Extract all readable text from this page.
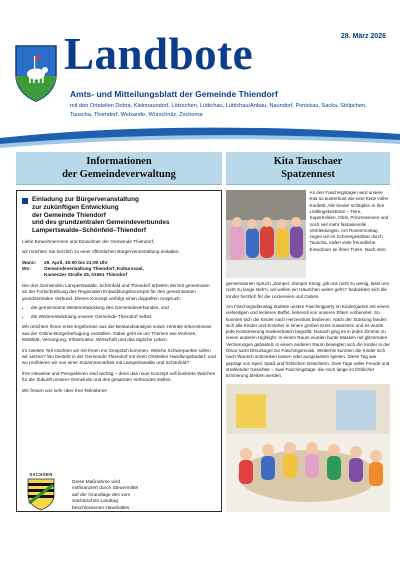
28. März 2026
Landbote
Amts- und Mitteilungsblatt der Gemeinde Thiendorf
mit den Ortsteilen Dobra, Kleinnaundorf, Lötzschen, Lüttichau, Lüttichau/Anbau, Naundorf, Ponickau, Sacka, Stölpchen, Tauscha, Thiendorf, Welxande, Würschnitz, Zschorna
Informationen
der Gemeindeverwaltung
Einladung zur Bürgerveranstaltung
zur zukünftigen Entwicklung
der Gemeinde Thiendorf
und des grundzentralen Gemeindeverbundes
Lampertswalde–Schönfeld–Thiendorf

Liebe Einwohnerinnen und Einwohner der Gemeinde Thiendorf,

wir möchten Sie herzlich zu einer öffentlichen Bürgerveranstaltung einladen.

Wann:	29. April, 19:00 bis 21:00 Uhr
Wo:	Gemeindeverwaltung Thiendorf, Kulturssaal,
Kamenzer Straße 25, 01561 Thiendorf

Die drei Gemeinden Lampertswalde, Schönfeld und Thiendorf arbeiten derzeit gemeinsam an der Fortschreibung des Regionalen Entwicklungskonzepts für den gemeinsamen grundzentralen Verbund. Dieses Konzept verfolgt einen doppelten Anspruch:

• die gemeinsame Weiterentwicklung des Gemeindeverbundes, und
• die Weiterentwicklung unserer Gemeinde Thiendorf selbst.

Wir möchten Ihnen erste Ergebnisse aus der Bestandsanalyse sowie zentrale Erkenntnisse aus der Online-Bürgerbefragung vorstellen. Dabei geht es um Themen wie Wohnen, Mobilität, Versorgung, Infrastruktur, Wirtschaft und das tägliche Leben.

Im zweiten Teil möchten wir mit Ihnen ins Gespräch kommen. Welche Schwerpunkte sollen wir setzen? Wo besteht in der Gemeinde Thiendorf mit ihren Ortsteilen Handlungsbedarf, und wo profitieren wir von einer Zusammenarbeit mit Lampertswalde und Schönfeld?

Ihre Hinweise und Perspektiven sind wichtig – denn das neue Konzept soll konkrete Weichen für die Zukunft unserer Gemeinde und des gesamten Verbundes stellen.

Wir freuen uns sehr über Ihre Teilnahme!

SACHSEN
Diese Maßnahme wird
mitfinanziert durch Steuermittel
auf der Grundlage des vom
Sächsischen Landtag
beschlossenen Haushaltes.
Kita Tauschaer
Spatzennest
An den Faschingstagen wird unsere Kita so kunterbunt wie eine Kiste voller Konfetti: Alle Kinder schlüpfen in ihre Lieblingskostüme – Tiere, Superhelden, Obst, Prinzessinnen und noch viel mehr fantasievolle Verkleidungen. Am Rosenmontag zogen wir im Schneegestöber durch Tauscha, trafen viele freundliche Einwohner an ihren Türen. Nach dem

gemeinsamen Spruch „Zamper, Zamper König, gib uns nicht zu wenig, lasst uns nicht zu lange steh'n, wir wollen ein Häuschen weiter geh'n" bedankten sich die Kinder herzlich für die Leckereien und Gaben.

Am Faschingsdienstag startete unsere Faschingparty im Kindergarten mit einem vielseitigen und leckeren Buffet, liebevoll von unseren Eltern vorbereitet. So konnten sich die Kinder nach Herzenslust bedienen. Nach der Stärkung fanden sich alle Kinder und Erzieher in einem großen Kreis zusammen und es wurde jede Kostümierung maskierbasch begutlitt. Danach ging es in jedes Zimmer zu einem anderen Highlight: In einem Raum wurden bunte Masken mit glitzernden Verzierungen gebastelt, in einem anderen Raum bewegten sich die Kinder in der Disco samt Discokugel zur Faschingsmusik. Weiterhin konnten die Kinder sich nach Wunsch schminken lassen oder ausgelassen spielen. Diese Tag war geprägt von Spiel, Spaß und fröhlichen Gesichtern. Zwei Tage voller Freude und strahlender Gesichter – zwei Faschingstage, die noch lange im fröhlicher Erinnerung bleiben werden.
